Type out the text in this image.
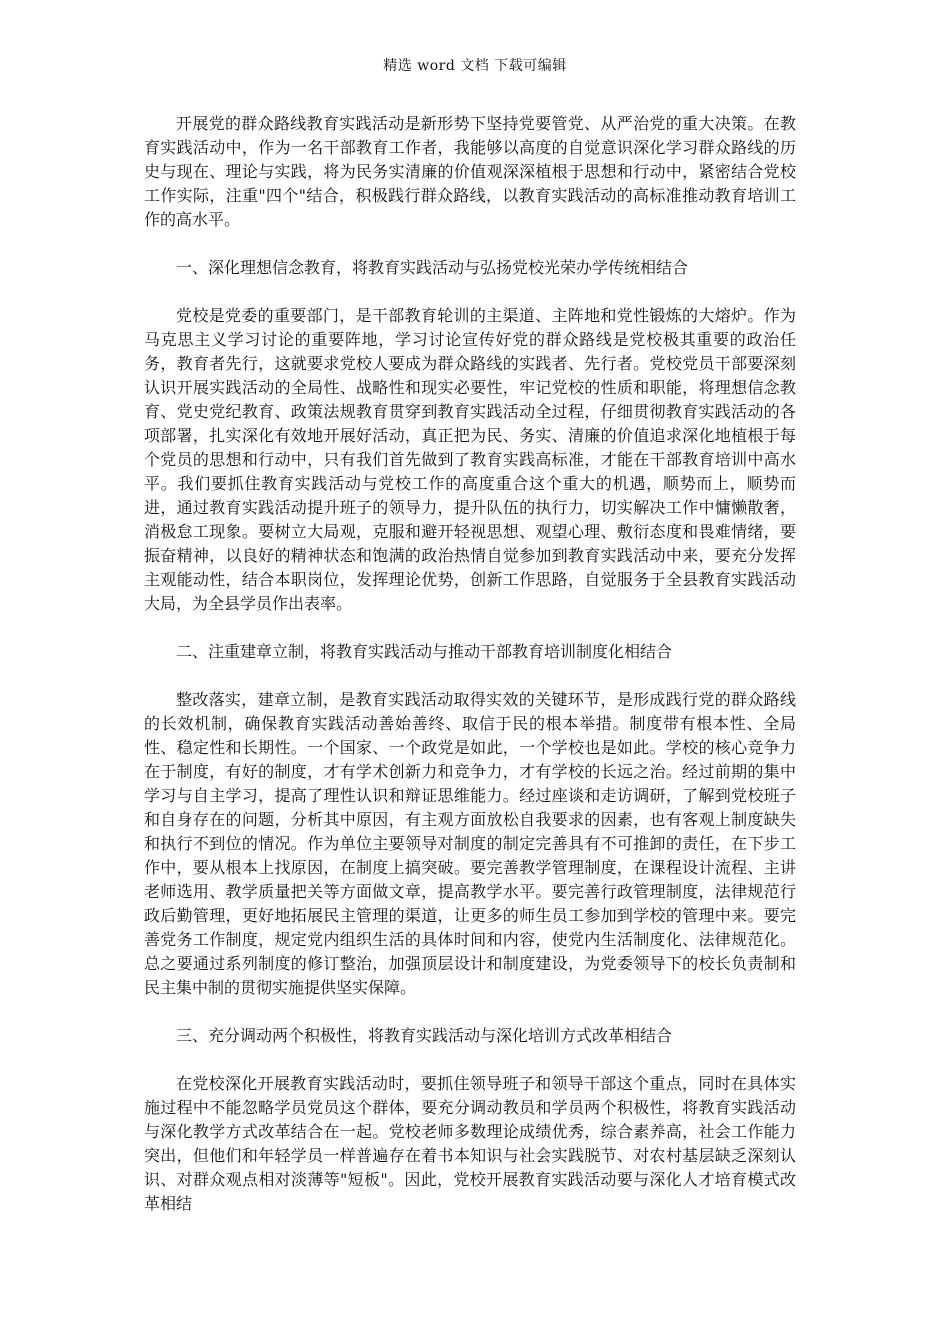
精选 word 文档 下载可编辑

开展党的群众路线教育实践活动是新形势下坚持党要管党、从严治党的重大决策。在教育实践活动中，作为一名干部教育工作者，我能够以高度的自觉意识深化学习群众路线的历史与现在、理论与实践，将为民务实清廉的价值观深深植根于思想和行动中，紧密结合党校工作实际，注重"四个"结合，积极践行群众路线，以教育实践活动的高标准推动教育培训工作的高水平。

一、深化理想信念教育，将教育实践活动与弘扬党校光荣办学传统相结合

党校是党委的重要部门，是干部教育轮训的主渠道、主阵地和党性锻炼的大熔炉。作为马克思主义学习讨论的重要阵地，学习讨论宣传好党的群众路线是党校极其重要的政治任务，教育者先行，这就要求党校人要成为群众路线的实践者、先行者。党校党员干部要深刻认识开展实践活动的全局性、战略性和现实必要性，牢记党校的性质和职能，将理想信念教育、党史党纪教育、政策法规教育贯穿到教育实践活动全过程，仔细贯彻教育实践活动的各项部署，扎实深化有效地开展好活动，真正把为民、务实、清廉的价值追求深化地植根于每个党员的思想和行动中，只有我们首先做到了教育实践高标准，才能在干部教育培训中高水平。我们要抓住教育实践活动与党校工作的高度重合这个重大的机遇，顺势而上，顺势而进，通过教育实践活动提升班子的领导力，提升队伍的执行力，切实解决工作中慵懒散奢，消极怠工现象。要树立大局观，克服和避开轻视思想、观望心理、敷衍态度和畏难情绪，要振奋精神，以良好的精神状态和饱满的政治热情自觉参加到教育实践活动中来，要充分发挥主观能动性，结合本职岗位，发挥理论优势，创新工作思路，自觉服务于全县教育实践活动大局，为全县学员作出表率。

二、注重建章立制，将教育实践活动与推动干部教育培训制度化相结合

整改落实，建章立制，是教育实践活动取得实效的关键环节，是形成践行党的群众路线的长效机制，确保教育实践活动善始善终、取信于民的根本举措。制度带有根本性、全局性、稳定性和长期性。一个国家、一个政党是如此，一个学校也是如此。学校的核心竞争力在于制度，有好的制度，才有学术创新力和竞争力，才有学校的长远之治。经过前期的集中学习与自主学习，提高了理性认识和辩证思维能力。经过座谈和走访调研，了解到党校班子和自身存在的问题，分析其中原因，有主观方面放松自我要求的因素，也有客观上制度缺失和执行不到位的情况。作为单位主要领导对制度的制定完善具有不可推卸的责任，在下步工作中，要从根本上找原因，在制度上搞突破。要完善教学管理制度，在课程设计流程、主讲老师选用、教学质量把关等方面做文章，提高教学水平。要完善行政管理制度，法律规范行政后勤管理，更好地拓展民主管理的渠道，让更多的师生员工参加到学校的管理中来。要完善党务工作制度，规定党内组织生活的具体时间和内容，使党内生活制度化、法律规范化。总之要通过系列制度的修订整治，加强顶层设计和制度建设，为党委领导下的校长负责制和民主集中制的贯彻实施提供坚实保障。

三、充分调动两个积极性，将教育实践活动与深化培训方式改革相结合

在党校深化开展教育实践活动时，要抓住领导班子和领导干部这个重点，同时在具体实施过程中不能忽略学员党员这个群体，要充分调动教员和学员两个积极性，将教育实践活动与深化教学方式改革结合在一起。党校老师多数理论成绩优秀，综合素养高，社会工作能力突出，但他们和年轻学员一样普遍存在着书本知识与社会实践脱节、对农村基层缺乏深刻认识、对群众观点相对淡薄等"短板"。因此，党校开展教育实践活动要与深化人才培育模式改革相结
